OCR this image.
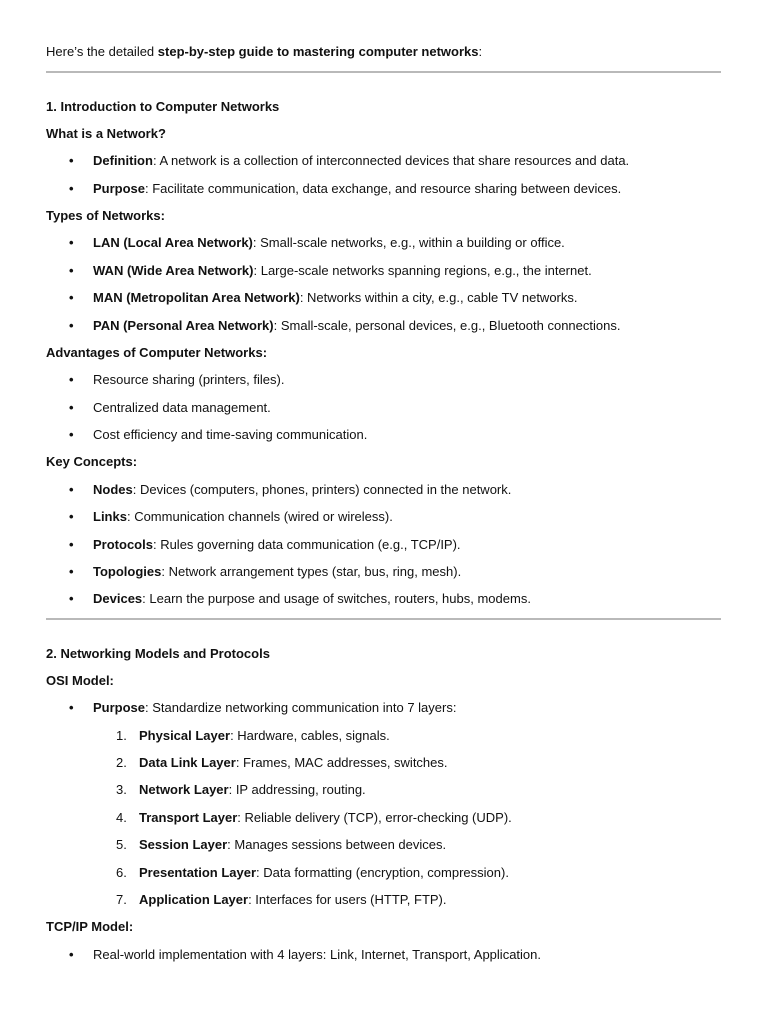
Here’s the detailed step-by-step guide to mastering computer networks:
1. Introduction to Computer Networks
What is a Network?
• Definition: A network is a collection of interconnected devices that share resources and data.
• Purpose: Facilitate communication, data exchange, and resource sharing between devices.
Types of Networks:
• LAN (Local Area Network): Small-scale networks, e.g., within a building or office.
• WAN (Wide Area Network): Large-scale networks spanning regions, e.g., the internet.
• MAN (Metropolitan Area Network): Networks within a city, e.g., cable TV networks.
• PAN (Personal Area Network): Small-scale, personal devices, e.g., Bluetooth connections.
Advantages of Computer Networks:
• Resource sharing (printers, files).
• Centralized data management.
• Cost efficiency and time-saving communication.
Key Concepts:
• Nodes: Devices (computers, phones, printers) connected in the network.
• Links: Communication channels (wired or wireless).
• Protocols: Rules governing data communication (e.g., TCP/IP).
• Topologies: Network arrangement types (star, bus, ring, mesh).
• Devices: Learn the purpose and usage of switches, routers, hubs, modems.
2. Networking Models and Protocols
OSI Model:
• Purpose: Standardize networking communication into 7 layers:
1. Physical Layer: Hardware, cables, signals.
2. Data Link Layer: Frames, MAC addresses, switches.
3. Network Layer: IP addressing, routing.
4. Transport Layer: Reliable delivery (TCP), error-checking (UDP).
5. Session Layer: Manages sessions between devices.
6. Presentation Layer: Data formatting (encryption, compression).
7. Application Layer: Interfaces for users (HTTP, FTP).
TCP/IP Model:
• Real-world implementation with 4 layers: Link, Internet, Transport, Application.
